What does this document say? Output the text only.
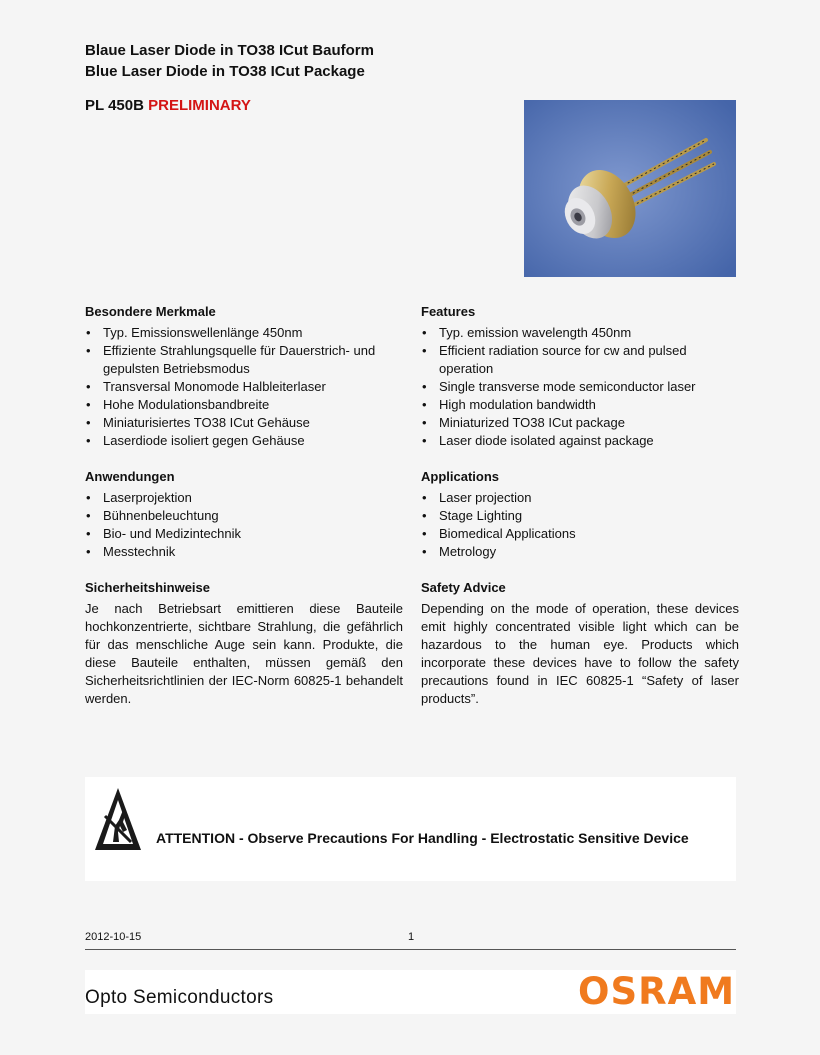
Blaue Laser Diode in TO38 ICut Bauform
Blue Laser Diode in TO38 ICut Package
PL 450B PRELIMINARY
Besondere Merkmale
• Typ. Emissionswellenlänge 450nm
• Effiziente Strahlungsquelle für Dauerstrich- und gepulsten Betriebsmodus
• Transversal Monomode Halbleiterlaser
• Hohe Modulationsbandbreite
• Miniaturisiertes TO38 ICut Gehäuse
• Laserdiode isoliert gegen Gehäuse
Anwendungen
• Laserprojektion
• Bühnenbeleuchtung
• Bio- und Medizintechnik
• Messtechnik
Sicherheitshinweise

Je nach Betriebsart emittieren diese Bauteile hochkonzentrierte, sichtbare Strahlung, die gefährlich für das menschliche Auge sein kann. Produkte, die diese Bauteile enthalten, müssen gemäß den Sicherheitsrichtlinien der IEC-Norm 60825-1 behandelt werden.

Features
• Typ. emission wavelength 450nm
• Efficient radiation source for cw and pulsed operation
• Single transverse mode semiconductor laser
• High modulation bandwidth
• Miniaturized TO38 ICut package
• Laser diode isolated against package
Applications
• Laser projection
• Stage Lighting
• Biomedical Applications
• Metrology
Safety Advice

Depending on the mode of operation, these devices emit highly concentrated visible light which can be hazardous to the human eye. Products which incorporate these devices have to follow the safety precautions found in IEC 60825-1 “Safety of laser products”.

ATTENTION - Observe Precautions For Handling - Electrostatic Sensitive Device
2012-10-15	1
Opto Semiconductors	OSRAM
